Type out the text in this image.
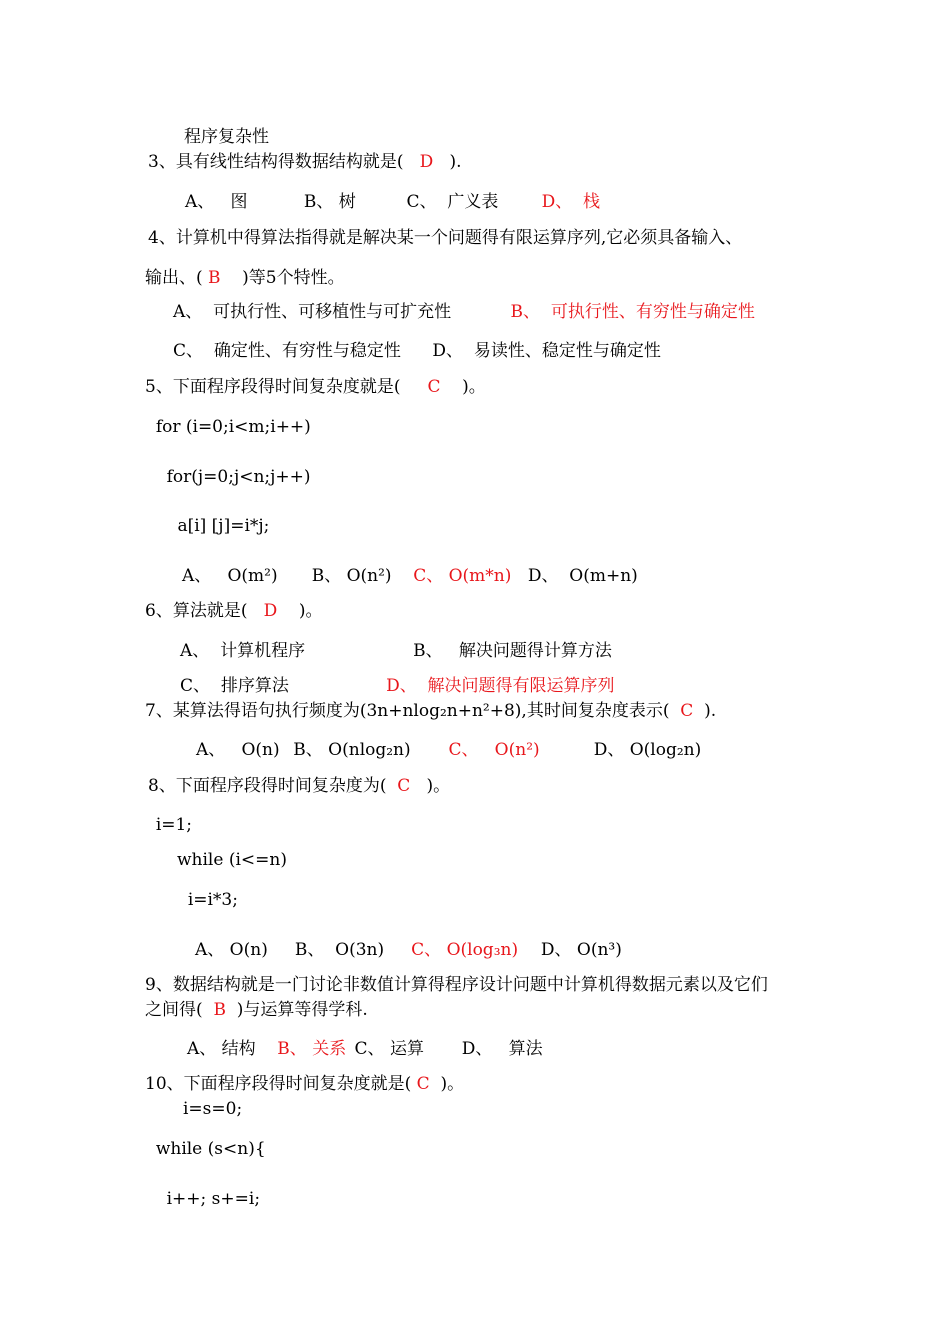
程序复杂性
3、具有线性结构得数据结构就是(   D   ).
A、   图	B、 树	C、  广义表        D、  栈
4、计算机中得算法指得就是解决某一个问题得有限运算序列,它必须具备输入、
输出、( B    )等5个特性。
A、  可执行性、可移植性与可扩充性           B、  可执行性、有穷性与确定性
C、  确定性、有穷性与稳定性		D、  易读性、稳定性与确定性
5、下面程序段得时间复杂度就是(     C    )。
	for (i=0;i<m;i++)
		for(j=0;j<n;j++)
		a[i] [j]=i*j;
A、   O(m²)	B、 O(n²)    C、 O(m*n)	D、  O(m+n)
6、算法就是(   D    )。
A、  计算机程序                    B、   解决问题得计算方法		
C、  排序算法                  D、  解决问题得有限运算序列
7、某算法得语句执行频度为(3n+nlog₂n+n²+8),其时间复杂度表示(  C  ).
A、   O(n)	B、 O(nlog₂n)       C、   O(n²)          D、 O(log₂n)
8、下面程序段得时间复杂度为(  C   )。
	i=1;
while (i<=n)
	i=i*3;
A、 O(n)     B、  O(3n)	C、 O(log₃n)	D、 O(n³)
9、数据结构就是一门讨论非数值计算得程序设计问题中计算机得数据元素以及它们
之间得(  B  )与运算等得学科.
A、 结构    B、 关系	C、 运算       D、   算法
10、下面程序段得时间复杂度就是( C  )。
i=s=0;
	while (s<n){
		i++; s+=i;
